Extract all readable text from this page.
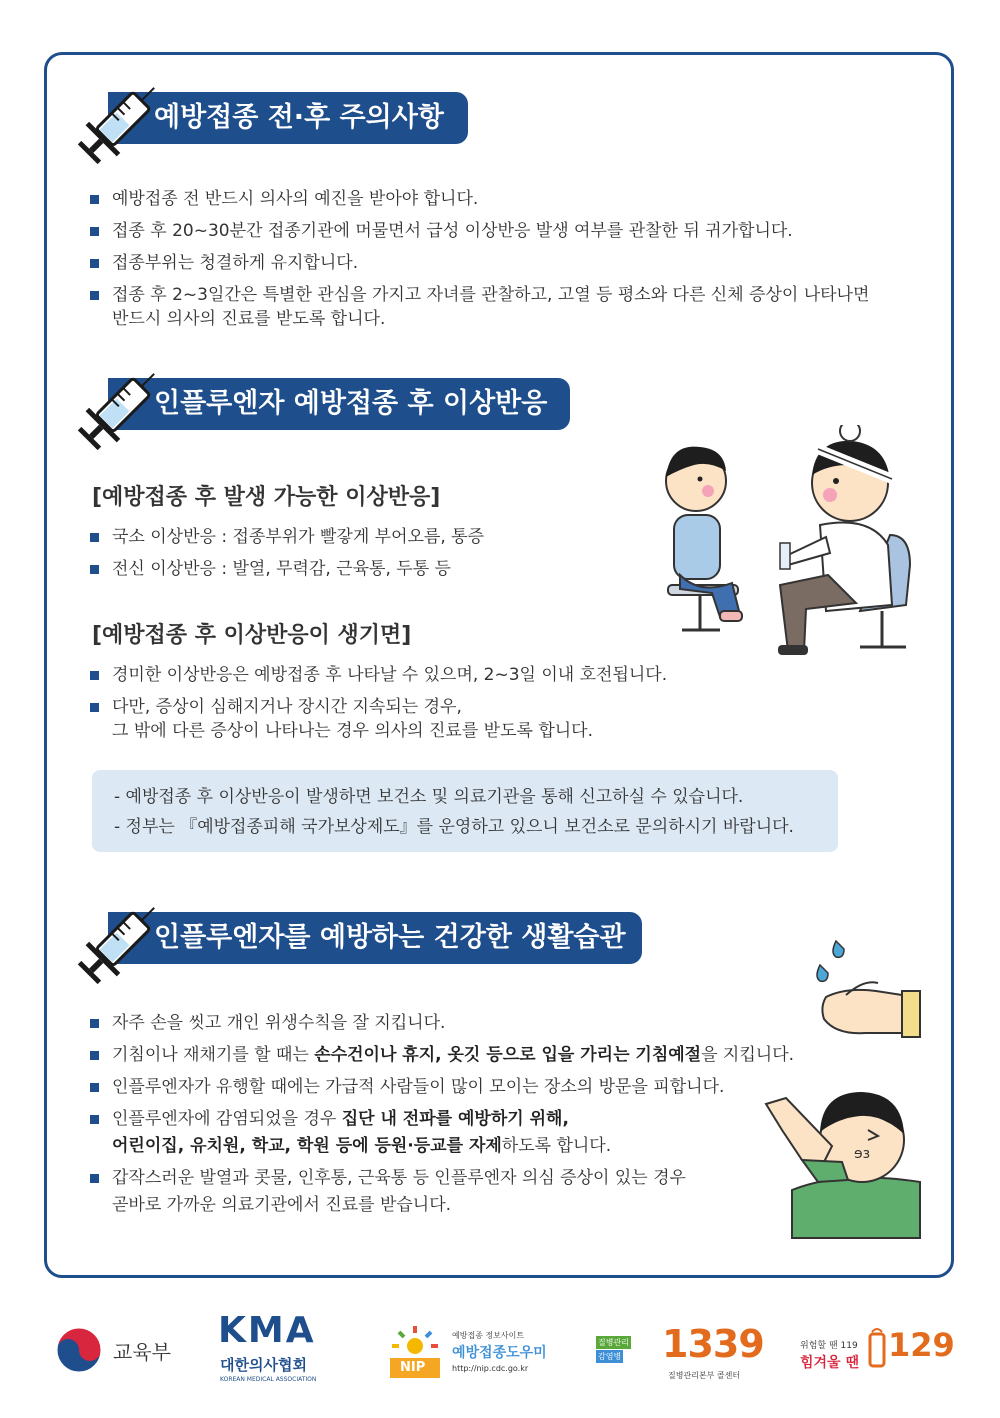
예방접종 전·후 주의사항
예방접종 전 반드시 의사의 예진을 받아야 합니다.
접종 후 20~30분간 접종기관에 머물면서 급성 이상반응 발생 여부를 관찰한 뒤 귀가합니다.
접종부위는 청결하게 유지합니다.
접종 후 2~3일간은 특별한 관심을 가지고 자녀를 관찰하고, 고열 등 평소와 다른 신체 증상이 나타나면
반드시 의사의 진료를 받도록 합니다.
인플루엔자 예방접종 후 이상반응
[예방접종 후 발생 가능한 이상반응]
국소 이상반응 : 접종부위가 빨갛게 부어오름, 통증
전신 이상반응 : 발열, 무력감, 근육통, 두통 등
[예방접종 후 이상반응이 생기면]
경미한 이상반응은 예방접종 후 나타날 수 있으며, 2~3일 이내 호전됩니다.
다만, 증상이 심해지거나 장시간 지속되는 경우,
그 밖에 다른 증상이 나타나는 경우 의사의 진료를 받도록 합니다.
- 예방접종 후 이상반응이 발생하면 보건소 및 의료기관을 통해 신고하실 수 있습니다.
- 정부는 『예방접종피해 국가보상제도』를 운영하고 있으니 보건소로 문의하시기 바랍니다.
인플루엔자를 예방하는 건강한 생활습관
자주 손을 씻고 개인 위생수칙을 잘 지킵니다.
기침이나 재채기를 할 때는 손수건이나 휴지, 옷깃 등으로 입을 가리는 기침예절을 지킵니다.
인플루엔자가 유행할 때에는 가급적 사람들이 많이 모이는 장소의 방문을 피합니다.
인플루엔자에 감염되었을 경우 집단 내 전파를 예방하기 위해,
어린이집, 유치원, 학교, 학원 등에 등원·등교를 자제하도록 합니다.
갑작스러운 발열과 콧물, 인후통, 근육통 등 인플루엔자 의심 증상이 있는 경우
곧바로 가까운 의료기관에서 진료를 받습니다.
ɘɜ
교육부
KMA
대한의사협회
KOREAN MEDICAL ASSOCIATION
NIP
예방접종 정보사이트
예방접종도우미
http://nip.cdc.go.kr
질병관리
감염병 1339
질병관리본부 콜센터
위험할 땐 119
힘겨울 땐 129
